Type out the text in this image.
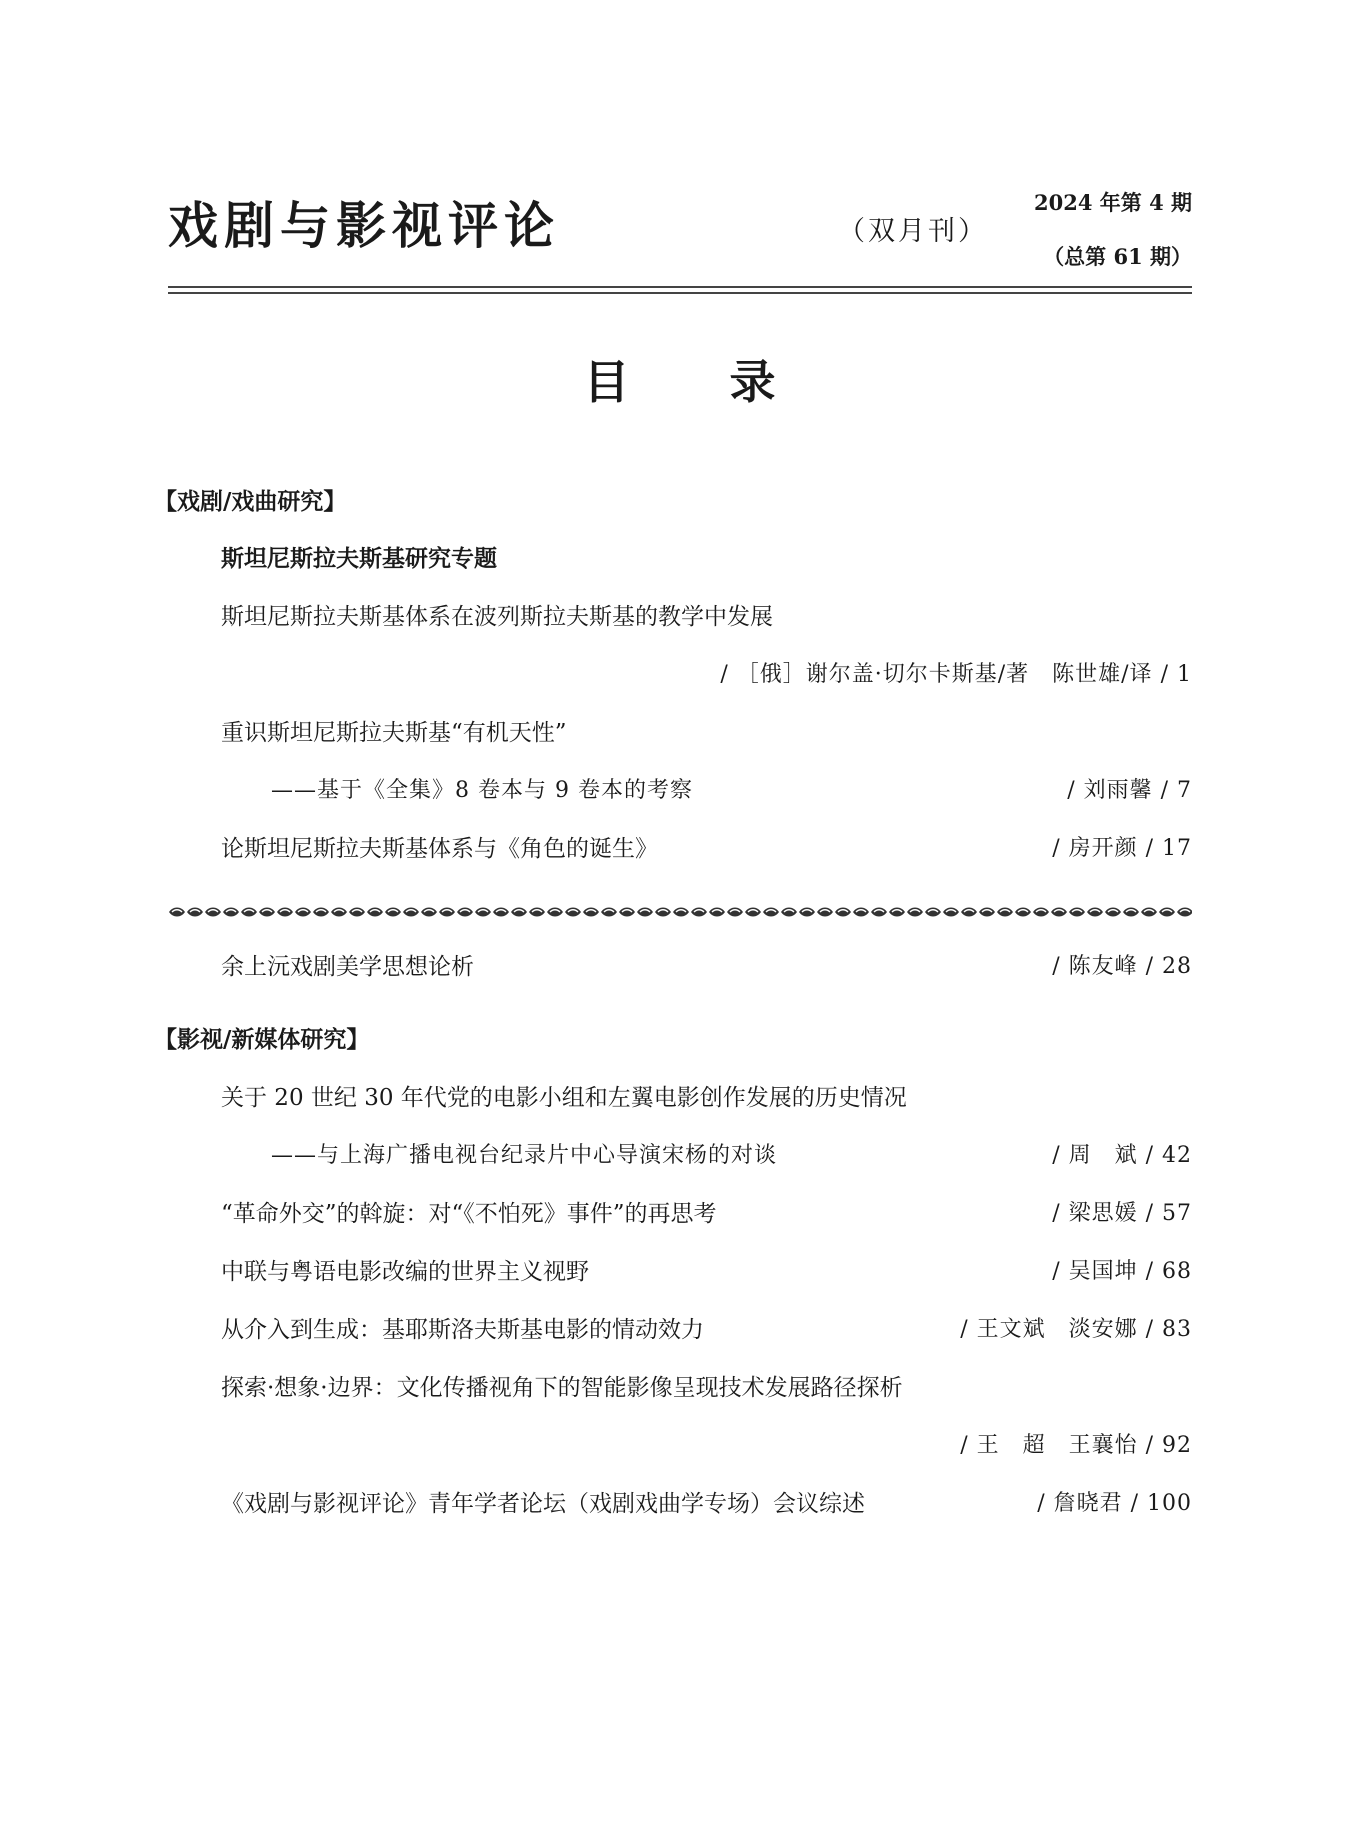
戏剧与影视评论	（双月刊）
2024 年第 4 期
（总第 61 期）
目录
【戏剧/戏曲研究】
斯坦尼斯拉夫斯基研究专题
斯坦尼斯拉夫斯基体系在波列斯拉夫斯基的教学中发展
/ ［俄］谢尔盖·切尔卡斯基/著　陈世雄/译 / 1
重识斯坦尼斯拉夫斯基“有机天性”
——基于《全集》8 卷本与 9 卷本的考察	/ 刘雨馨 / 7
论斯坦尼斯拉夫斯基体系与《角色的诞生》	/ 房开颜 / 17
余上沅戏剧美学思想论析	/ 陈友峰 / 28
【影视/新媒体研究】
关于 20 世纪 30 年代党的电影小组和左翼电影创作发展的历史情况
——与上海广播电视台纪录片中心导演宋杨的对谈	/ 周　斌 / 42
“革命外交”的斡旋：对“《不怕死》事件”的再思考	/ 梁思媛 / 57
中联与粤语电影改编的世界主义视野	/ 吴国坤 / 68
从介入到生成：基耶斯洛夫斯基电影的情动效力	/ 王文斌　淡安娜 / 83
探索·想象·边界：文化传播视角下的智能影像呈现技术发展路径探析
/ 王　超　王襄怡 / 92
《戏剧与影视评论》青年学者论坛（戏剧戏曲学专场）会议综述	/ 詹晓君 / 100
